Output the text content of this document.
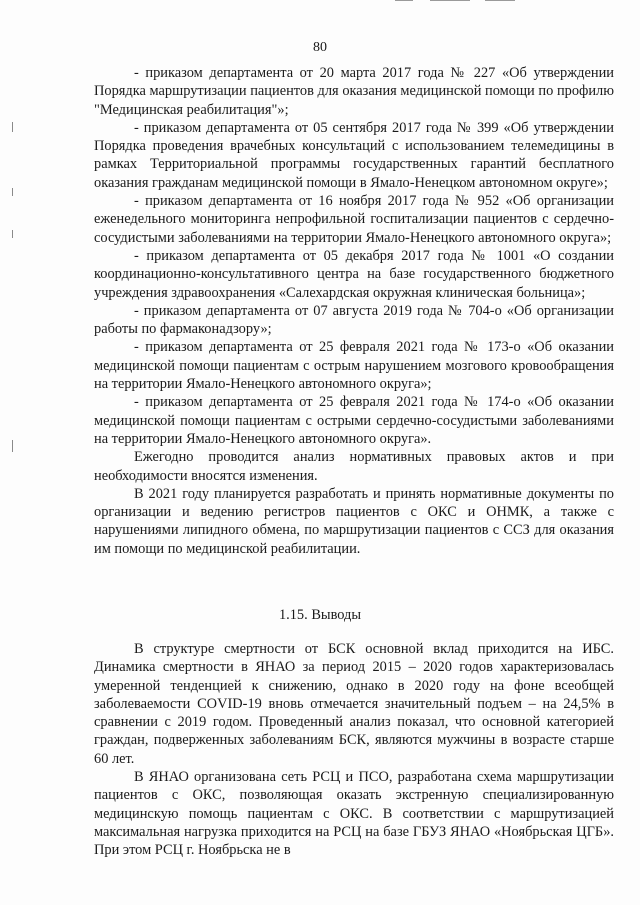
80

- приказом департамента от 20 марта 2017 года № 227 «Об утверждении Порядка маршрутизации пациентов для оказания медицинской помощи по профилю "Медицинская реабилитация"»;

- приказом департамента от 05 сентября 2017 года № 399 «Об утверждении Порядка проведения врачебных консультаций с использованием телемедицины в рамках Территориальной программы государственных гарантий бесплатного оказания гражданам медицинской помощи в Ямало-Ненецком автономном округе»;

- приказом департамента от 16 ноября 2017 года № 952 «Об организации еженедельного мониторинга непрофильной госпитализации пациентов с сердечно-сосудистыми заболеваниями на территории Ямало-Ненецкого автономного округа»;

- приказом департамента от 05 декабря 2017 года № 1001 «О создании координационно-консультативного центра на базе государственного бюджетного учреждения здравоохранения «Салехардская окружная клиническая больница»;

- приказом департамента от 07 августа 2019 года № 704-о «Об организации работы по фармаконадзору»;

- приказом департамента от 25 февраля 2021 года № 173-о «Об оказании медицинской помощи пациентам с острым нарушением мозгового кровообращения на территории Ямало-Ненецкого автономного округа»;

- приказом департамента от 25 февраля 2021 года № 174-о «Об оказании медицинской помощи пациентам с острыми сердечно-сосудистыми заболеваниями на территории Ямало-Ненецкого автономного округа».

Ежегодно проводится анализ нормативных правовых актов и при необходимости вносятся изменения.

В 2021 году планируется разработать и принять нормативные документы по организации и ведению регистров пациентов с ОКС и ОНМК, а также с нарушениями липидного обмена, по маршрутизации пациентов с ССЗ для оказания им помощи по медицинской реабилитации.

1.15. Выводы

В структуре смертности от БСК основной вклад приходится на ИБС. Динамика смертности в ЯНАО за период 2015 – 2020 годов характеризовалась умеренной тенденцией к снижению, однако в 2020 году на фоне всеобщей заболеваемости COVID-19 вновь отмечается значительный подъем – на 24,5% в сравнении с 2019 годом. Проведенный анализ показал, что основной категорией граждан, подверженных заболеваниям БСК, являются мужчины в возрасте старше 60 лет.

В ЯНАО организована сеть РСЦ и ПСО, разработана схема маршрутизации пациентов с ОКС, позволяющая оказать экстренную специализированную медицинскую помощь пациентам с ОКС. В соответствии с маршрутизацией максимальная нагрузка приходится на РСЦ на базе ГБУЗ ЯНАО «Ноябрьская ЦГБ». При этом РСЦ г. Ноябрьска не в
